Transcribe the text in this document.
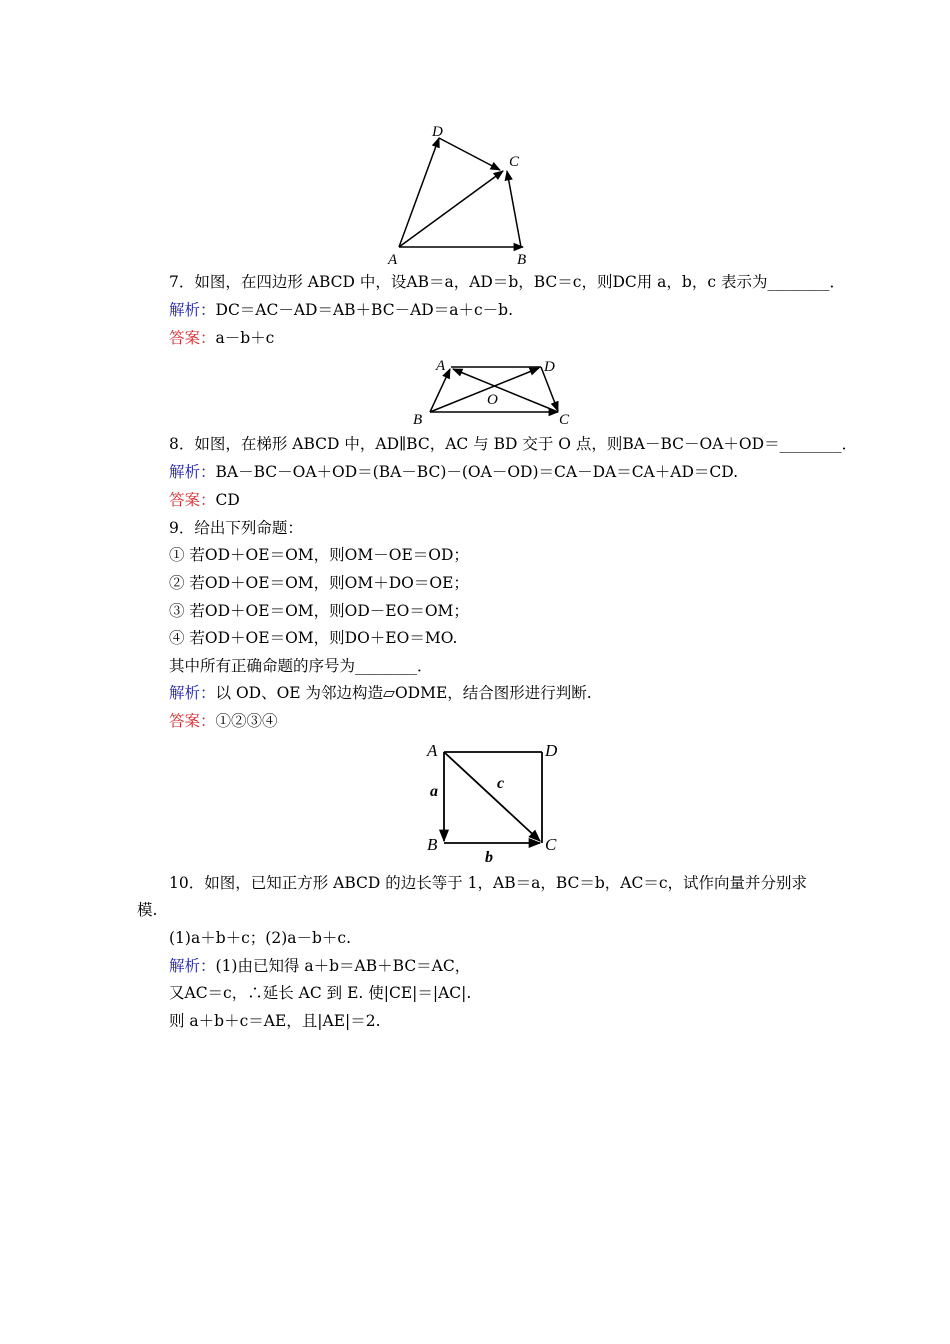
D
C
A	B
7．如图，在四边形 ABCD 中，设AB＝a，AD＝b，BC＝c，则DC用 a，b，c 表示为________．
解析：DC＝AC－AD＝AB＋BC－AD＝a＋c－b.
答案：a－b＋c
A	D
O
B	C
8．如图，在梯形 ABCD 中，AD∥BC，AC 与 BD 交于 O 点，则BA－BC－OA＋OD＝________．
解析：BA－BC－OA＋OD＝(BA－BC)－(OA－OD)＝CA－DA＝CA＋AD＝CD.
答案：CD
9．给出下列命题：
① 若OD＋OE＝OM，则OM－OE＝OD；
② 若OD＋OE＝OM，则OM＋DO＝OE；
③ 若OD＋OE＝OM，则OD－EO＝OM；
④ 若OD＋OE＝OM，则DO＋EO＝MO.
其中所有正确命题的序号为________．
解析：以 OD、OE 为邻边构造▱ODME，结合图形进行判断.
答案：①②③④
A	D
B	C
a	c
b
10．如图，已知正方形 ABCD 的边长等于 1，AB＝a，BC＝b，AC＝c，试作向量并分别求
模.
(1)a＋b＋c；(2)a－b＋c.
解析：(1)由已知得 a＋b＝AB＋BC＝AC，
又AC＝c，∴延长 AC 到 E. 使|CE|＝|AC|.
则 a＋b＋c＝AE，且|AE|＝2.
